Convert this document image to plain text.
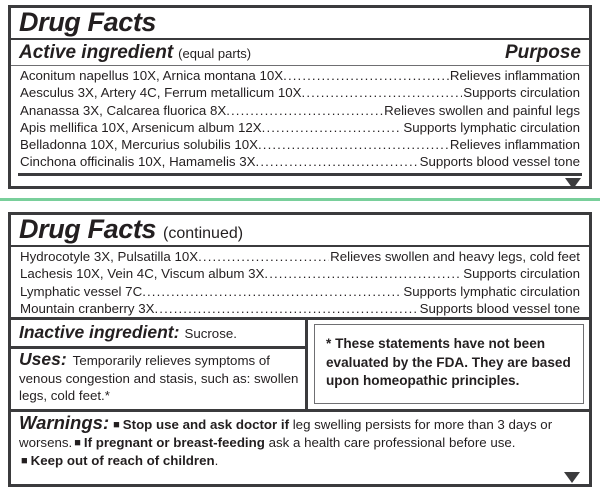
Drug Facts
Active ingredient (equal parts)	Purpose
Aconitum napellus 10X, Arnica montana 10X .....	Relieves inflammation
Aesculus 3X, Artery 4C, Ferrum metallicum 10X .....	Supports circulation
Ananassa 3X, Calcarea fluorica 8X .....	Relieves swollen and painful legs
Apis mellifica 10X, Arsenicum album 12X .....	Supports lymphatic circulation
Belladonna 10X, Mercurius solubilis 10X .....	Relieves inflammation
Cinchona officinalis 10X, Hamamelis 3X .....	Supports blood vessel tone
Drug Facts (continued)
Hydrocotyle 3X, Pulsatilla 10X .....	Relieves swollen and heavy legs, cold feet
Lachesis 10X, Vein 4C, Viscum album 3X .....	Supports circulation
Lymphatic vessel 7C .....	Supports lymphatic circulation
Mountain cranberry 3X .....	Supports blood vessel tone
Inactive ingredient: Sucrose.
Uses: Temporarily relieves symptoms of venous congestion and stasis, such as: swollen legs, cold feet.*
* These statements have not been evaluated by the FDA. They are based upon homeopathic principles.
Warnings: ■ Stop use and ask doctor if leg swelling persists for more than 3 days or worsens. ■ If pregnant or breast-feeding ask a health care professional before use.
■ Keep out of reach of children.
